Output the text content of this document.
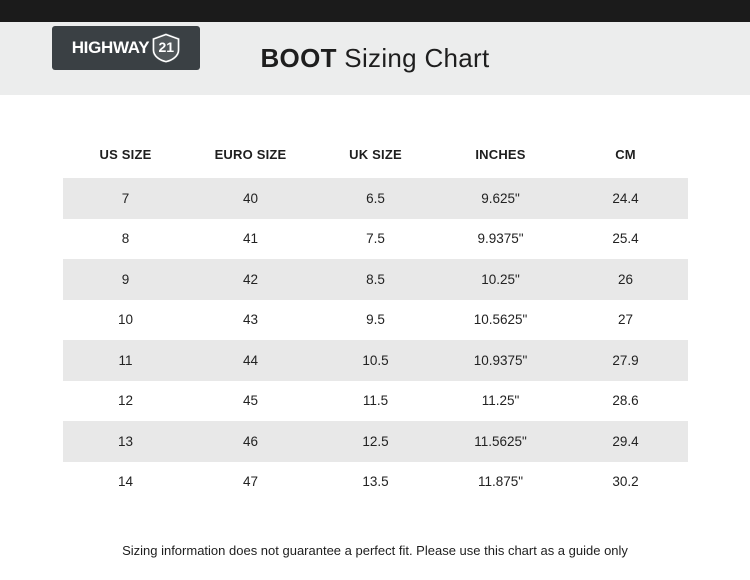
HIGHWAY 21	BOOT Sizing Chart
US SIZE	EURO SIZE	UK SIZE	INCHES	CM
7	40	6.5	9.625"	24.4
8	41	7.5	9.9375"	25.4
9	42	8.5	10.25"	26
10	43	9.5	10.5625"	27
11	44	10.5	10.9375"	27.9
12	45	11.5	11.25"	28.6
13	46	12.5	11.5625"	29.4
14	47	13.5	11.875"	30.2
Sizing information does not guarantee a perfect fit. Please use this chart as a guide only
